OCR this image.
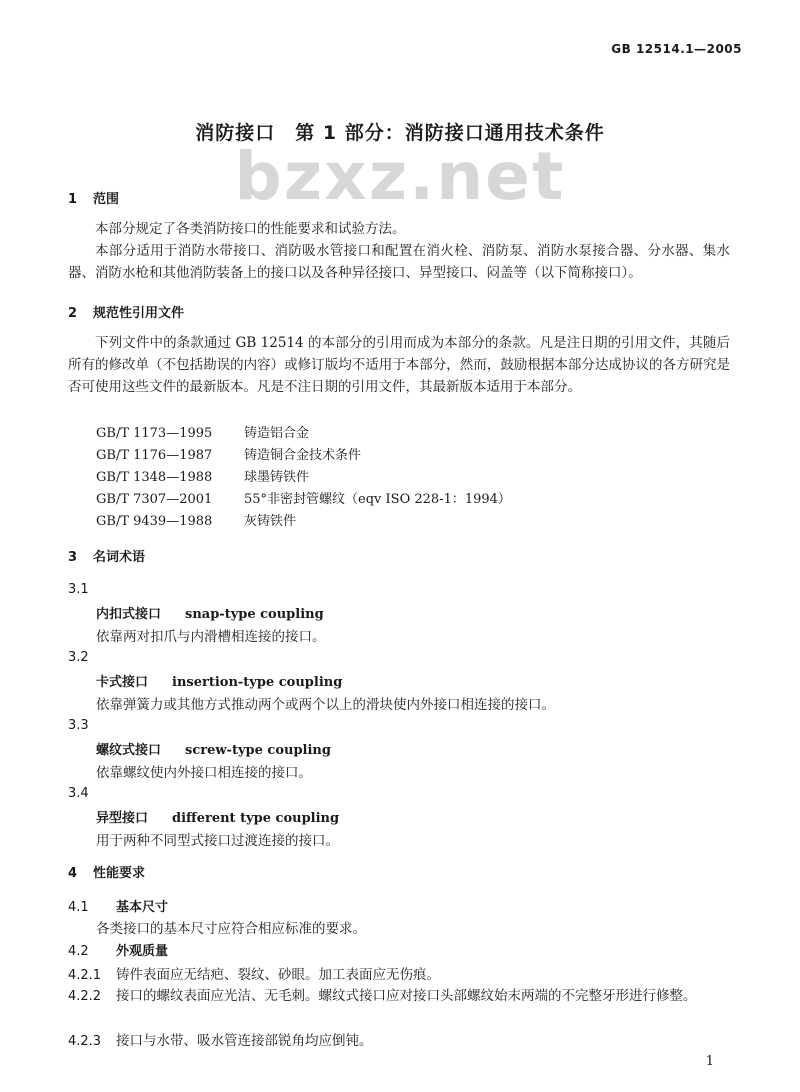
GB 12514.1—2005
消防接口　第 1 部分：消防接口通用技术条件
bzxz.net
1 范围
本部分规定了各类消防接口的性能要求和试验方法。
本部分适用于消防水带接口、消防吸水管接口和配置在消火栓、消防泵、消防水泵接合器、分水器、集水器、消防水枪和其他消防装备上的接口以及各种异径接口、异型接口、闷盖等（以下简称接口）。
2 规范性引用文件
下列文件中的条款通过 GB 12514 的本部分的引用而成为本部分的条款。凡是注日期的引用文件，其随后所有的修改单（不包括勘误的内容）或修订版均不适用于本部分，然而，鼓励根据本部分达成协议的各方研究是否可使用这些文件的最新版本。凡是不注日期的引用文件，其最新版本适用于本部分。
GB/T 1173—1995 铸造铝合金
GB/T 1176—1987 铸造铜合金技术条件
GB/T 1348—1988 球墨铸铁件
GB/T 7307—2001 55°非密封管螺纹（eqv ISO 228-1：1994）
GB/T 9439—1988 灰铸铁件
3 名词术语
3.1
内扣式接口 snap-type coupling
依靠两对扣爪与内滑槽相连接的接口。
3.2
卡式接口 insertion-type coupling
依靠弹簧力或其他方式推动两个或两个以上的滑块使内外接口相连接的接口。
3.3
螺纹式接口 screw-type coupling
依靠螺纹使内外接口相连接的接口。
3.4
异型接口 different type coupling
用于两种不同型式接口过渡连接的接口。
4 性能要求
4.1 基本尺寸
各类接口的基本尺寸应符合相应标准的要求。
4.2 外观质量
4.2.1 铸件表面应无结疤、裂纹、砂眼。加工表面应无伤痕。
4.2.2 接口的螺纹表面应光洁、无毛刺。螺纹式接口应对接口头部螺纹始末两端的不完整牙形进行修整。
4.2.3 接口与水带、吸水管连接部锐角均应倒钝。
1
